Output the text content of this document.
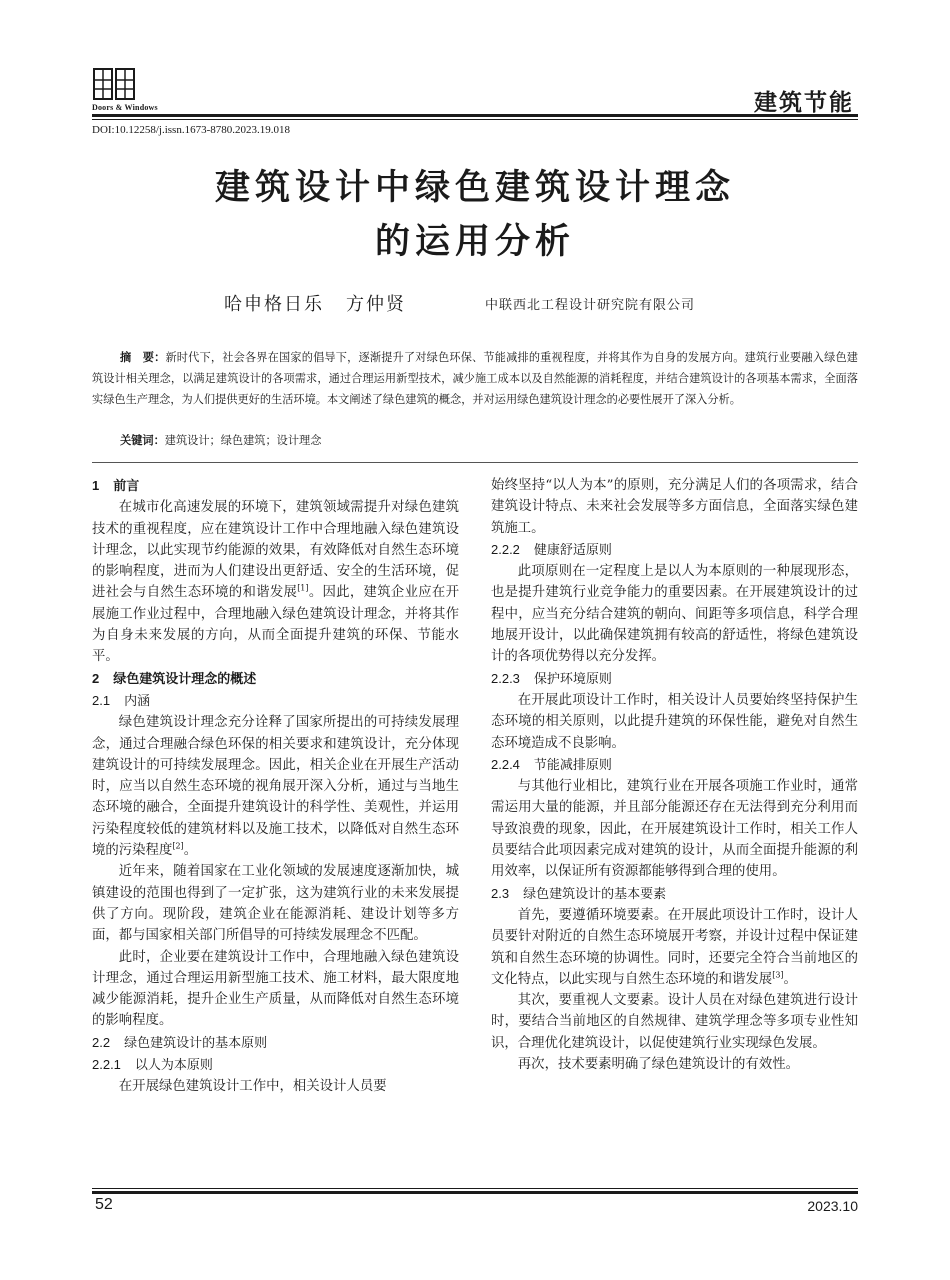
Doors & Windows	建筑节能
DOI:10.12258/j.issn.1673-8780.2023.19.018
建筑设计中绿色建筑设计理念
的运用分析
哈申格日乐 方仲贤	中联西北工程设计研究院有限公司
摘　要：新时代下，社会各界在国家的倡导下，逐渐提升了对绿色环保、节能减排的重视程度，并将其作为自身的发展方向。建筑行业要融入绿色建筑设计相关理念，以满足建筑设计的各项需求，通过合理运用新型技术，减少施工成本以及自然能源的消耗程度，并结合建筑设计的各项基本需求，全面落实绿色生产理念，为人们提供更好的生活环境。本文阐述了绿色建筑的概念，并对运用绿色建筑设计理念的必要性展开了深入分析。
关键词：建筑设计；绿色建筑；设计理念
1 前言

在城市化高速发展的环境下，建筑领域需提升对绿色建筑技术的重视程度，应在建筑设计工作中合理地融入绿色建筑设计理念，以此实现节约能源的效果，有效降低对自然生态环境的影响程度，进而为人们建设出更舒适、安全的生活环境，促进社会与自然生态环境的和谐发展[1]。因此，建筑企业应在开展施工作业过程中，合理地融入绿色建筑设计理念，并将其作为自身未来发展的方向，从而全面提升建筑的环保、节能水平。

2 绿色建筑设计理念的概述
2.1 内涵

绿色建筑设计理念充分诠释了国家所提出的可持续发展理念，通过合理融合绿色环保的相关要求和建筑设计，充分体现建筑设计的可持续发展理念。因此，相关企业在开展生产活动时，应当以自然生态环境的视角展开深入分析，通过与当地生态环境的融合，全面提升建筑设计的科学性、美观性，并运用污染程度较低的建筑材料以及施工技术，以降低对自然生态环境的污染程度[2]。

近年来，随着国家在工业化领域的发展速度逐渐加快，城镇建设的范围也得到了一定扩张，这为建筑行业的未来发展提供了方向。现阶段，建筑企业在能源消耗、建设计划等多方面，都与国家相关部门所倡导的可持续发展理念不匹配。

此时，企业要在建筑设计工作中，合理地融入绿色建筑设计理念，通过合理运用新型施工技术、施工材料，最大限度地减少能源消耗，提升企业生产质量，从而降低对自然生态环境的影响程度。

2.2 绿色建筑设计的基本原则
2.2.1 以人为本原则

在开展绿色建筑设计工作中，相关设计人员要

始终坚持“以人为本”的原则，充分满足人们的各项需求，结合建筑设计特点、未来社会发展等多方面信息，全面落实绿色建筑施工。

2.2.2 健康舒适原则

此项原则在一定程度上是以人为本原则的一种展现形态，也是提升建筑行业竞争能力的重要因素。在开展建筑设计的过程中，应当充分结合建筑的朝向、间距等多项信息，科学合理地展开设计，以此确保建筑拥有较高的舒适性，将绿色建筑设计的各项优势得以充分发挥。

2.2.3 保护环境原则

在开展此项设计工作时，相关设计人员要始终坚持保护生态环境的相关原则，以此提升建筑的环保性能，避免对自然生态环境造成不良影响。

2.2.4 节能减排原则

与其他行业相比，建筑行业在开展各项施工作业时，通常需运用大量的能源，并且部分能源还存在无法得到充分利用而导致浪费的现象，因此，在开展建筑设计工作时，相关工作人员要结合此项因素完成对建筑的设计，从而全面提升能源的利用效率，以保证所有资源都能够得到合理的使用。

2.3 绿色建筑设计的基本要素

首先，要遵循环境要素。在开展此项设计工作时，设计人员要针对附近的自然生态环境展开考察，并设计过程中保证建筑和自然生态环境的协调性。同时，还要完全符合当前地区的文化特点，以此实现与自然生态环境的和谐发展[3]。

其次，要重视人文要素。设计人员在对绿色建筑进行设计时，要结合当前地区的自然规律、建筑学理念等多项专业性知识，合理优化建筑设计，以促使建筑行业实现绿色发展。

再次，技术要素明确了绿色建筑设计的有效性。

52	2023.10
